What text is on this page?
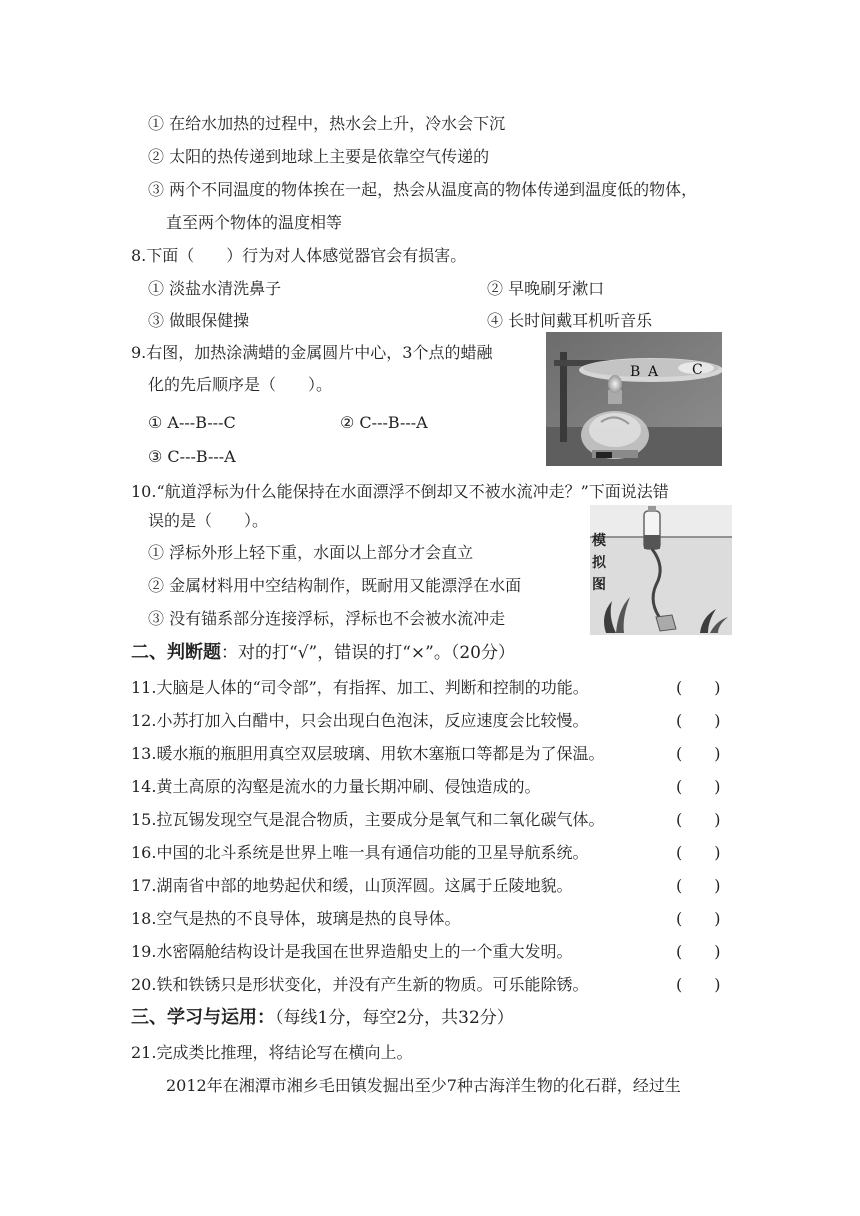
① 在给水加热的过程中，热水会上升，冷水会下沉
② 太阳的热传递到地球上主要是依靠空气传递的
③ 两个不同温度的物体挨在一起，热会从温度高的物体传递到温度低的物体，
直至两个物体的温度相等
8.下面（　　）行为对人体感觉器官会有损害。
① 淡盐水清洗鼻子	② 早晚刷牙漱口
③ 做眼保健操	④ 长时间戴耳机听音乐
9.右图，加热涂满蜡的金属圆片中心，3个点的蜡融
化的先后顺序是（　　）。
① A---B---C	② C---B---A
③ C---B---A
B A C
10.“航道浮标为什么能保持在水面漂浮不倒却又不被水流冲走？”下面说法错
误的是（　　）。
① 浮标外形上轻下重，水面以上部分才会直立
② 金属材料用中空结构制作，既耐用又能漂浮在水面
③ 没有锚系部分连接浮标，浮标也不会被水流冲走
模
拟
图
二、判断题：对的打“√”，错误的打“×”。（20分）
11.大脑是人体的“司令部”，有指挥、加工、判断和控制的功能。	(　　)
12.小苏打加入白醋中，只会出现白色泡沫，反应速度会比较慢。	(　　)
13.暖水瓶的瓶胆用真空双层玻璃、用软木塞瓶口等都是为了保温。	(　　)
14.黄土高原的沟壑是流水的力量长期冲刷、侵蚀造成的。	(　　)
15.拉瓦锡发现空气是混合物质，主要成分是氧气和二氧化碳气体。	(　　)
16.中国的北斗系统是世界上唯一具有通信功能的卫星导航系统。	(　　)
17.湖南省中部的地势起伏和缓，山顶浑圆。这属于丘陵地貌。	(　　)
18.空气是热的不良导体，玻璃是热的良导体。	(　　)
19.水密隔舱结构设计是我国在世界造船史上的一个重大发明。	(　　)
20.铁和铁锈只是形状变化，并没有产生新的物质。可乐能除锈。	(　　)
三、学习与运用：（每线1分，每空2分，共32分）
21.完成类比推理，将结论写在横向上。
2012年在湘潭市湘乡毛田镇发掘出至少7种古海洋生物的化石群，经过生
